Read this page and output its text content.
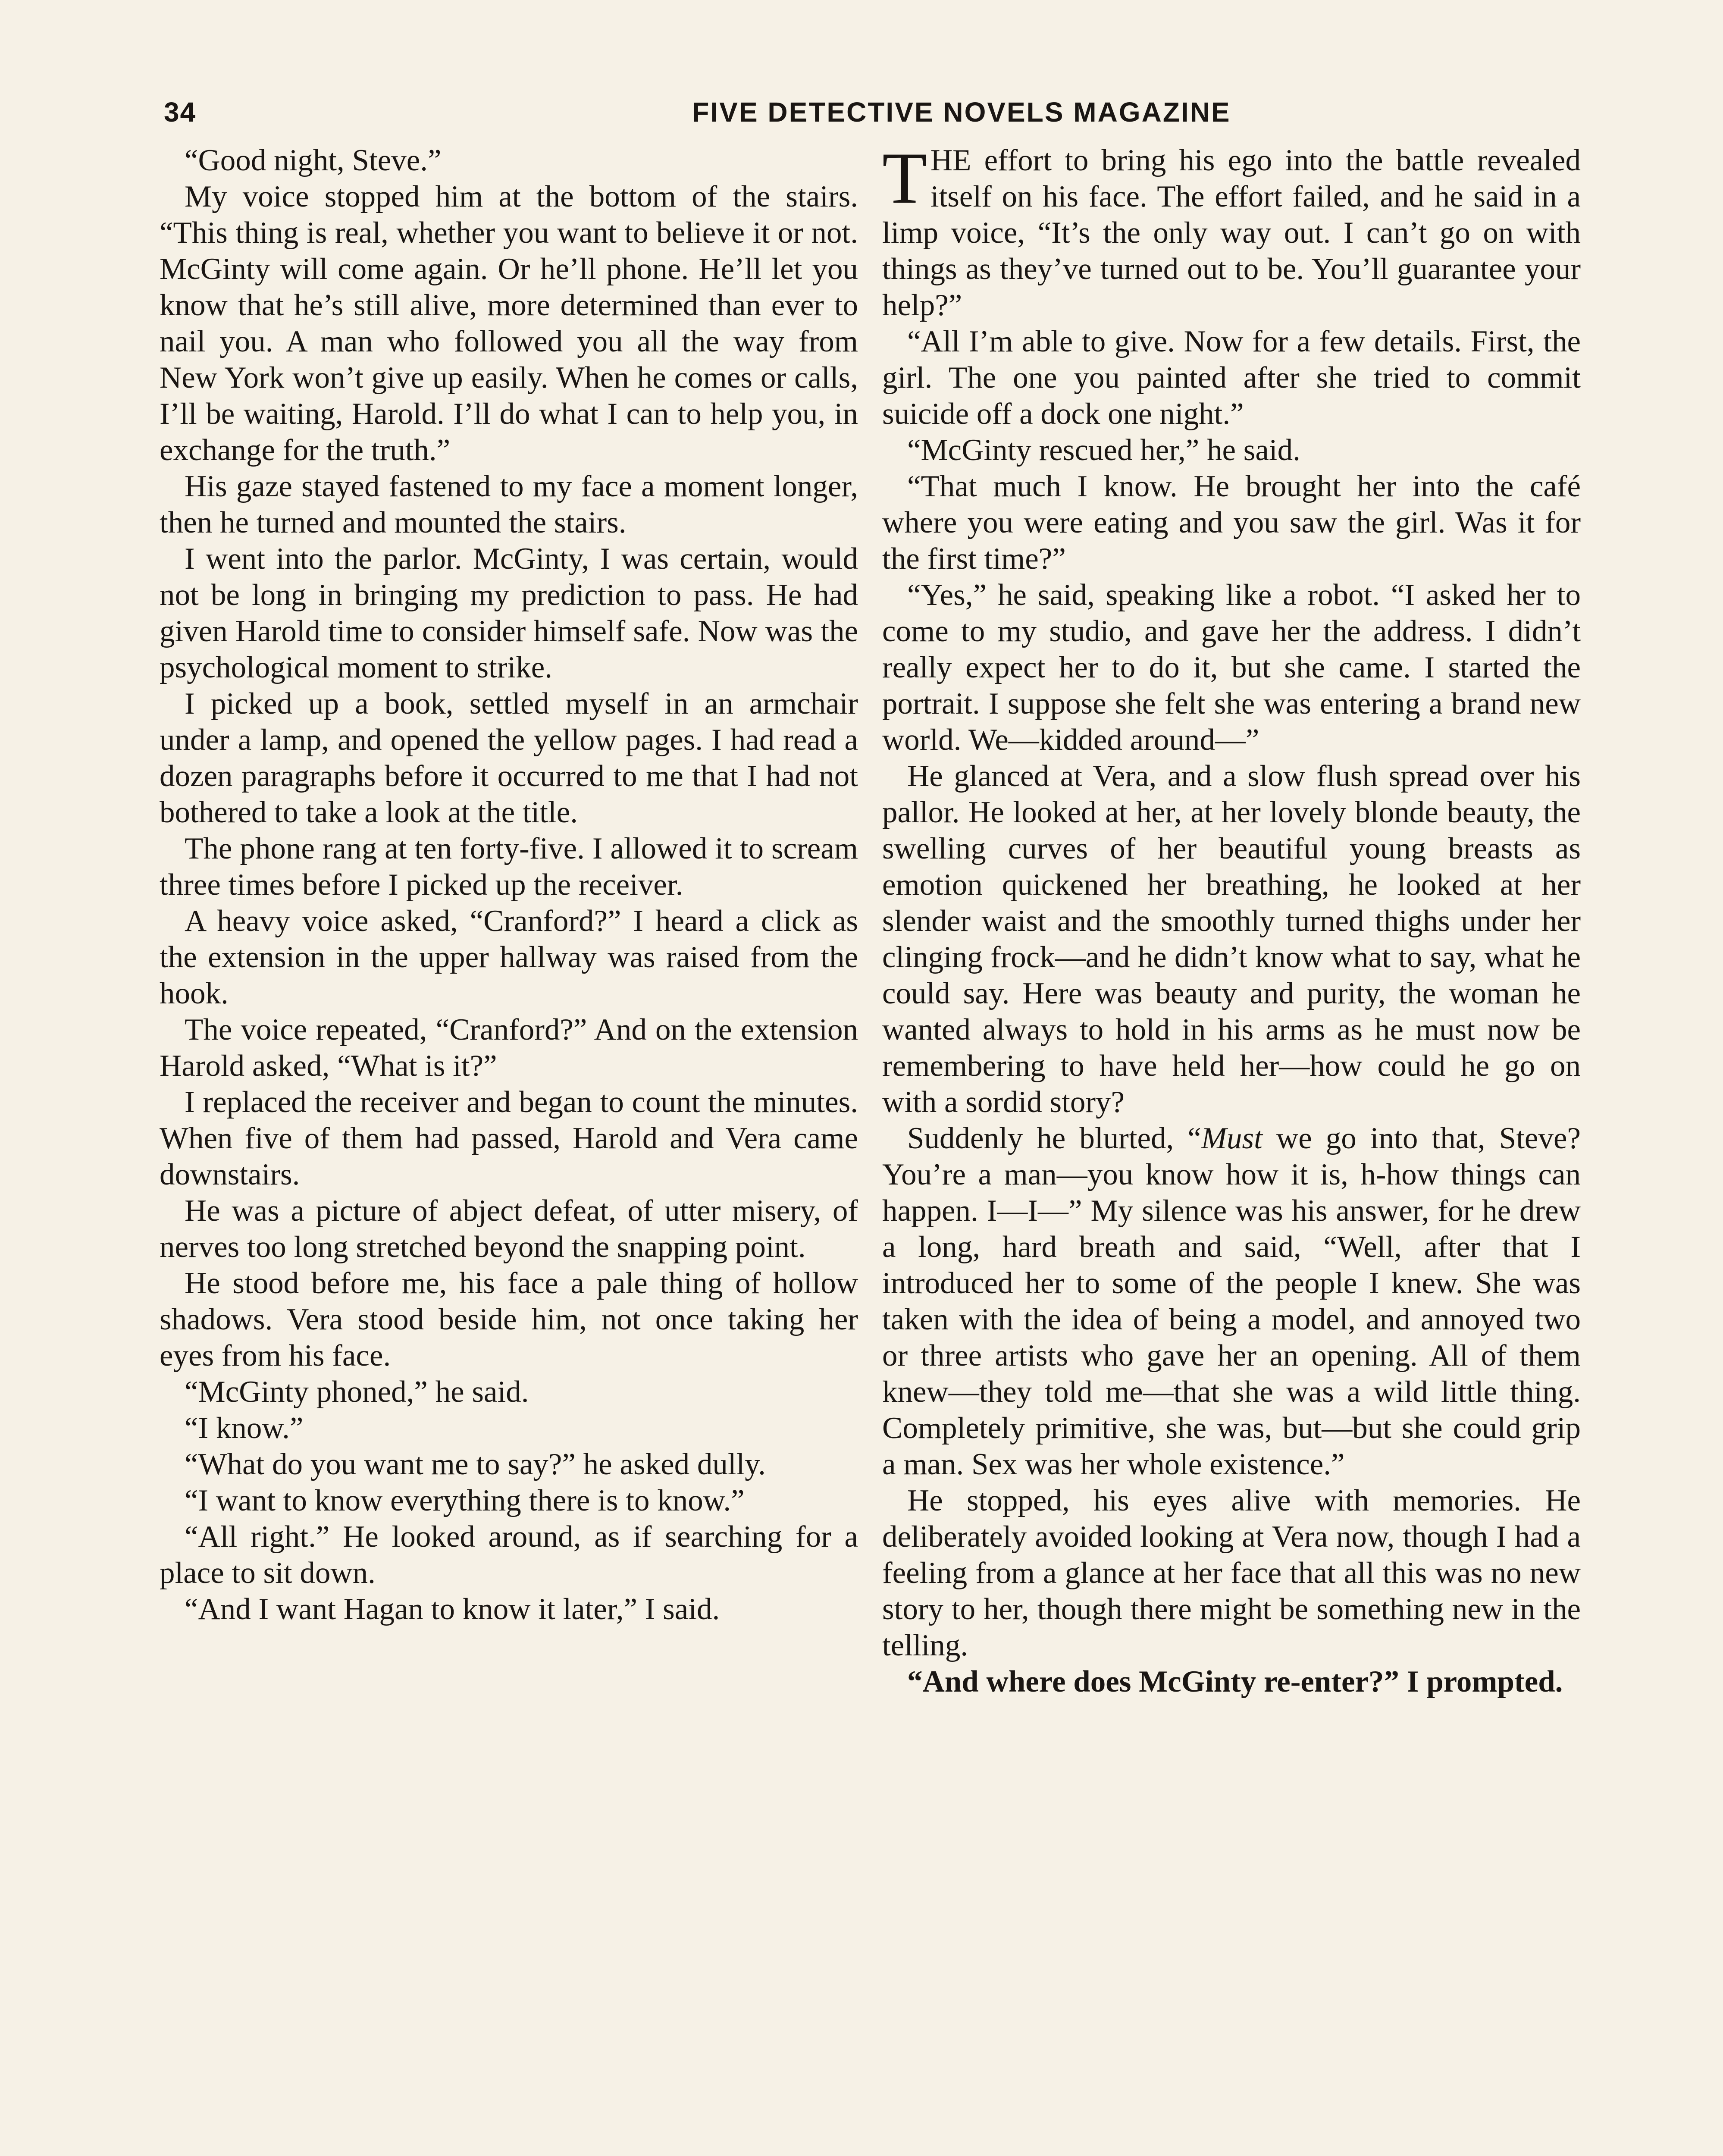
34	FIVE DETECTIVE NOVELS MAGAZINE

“Good night, Steve.”

My voice stopped him at the bottom of the stairs. “This thing is real, whether you want to believe it or not. McGinty will come again. Or he’ll phone. He’ll let you know that he’s still alive, more determined than ever to nail you. A man who followed you all the way from New York won’t give up easily. When he comes or calls, I’ll be waiting, Harold. I’ll do what I can to help you, in exchange for the truth.”

His gaze stayed fastened to my face a moment longer, then he turned and mounted the stairs.

I went into the parlor. McGinty, I was certain, would not be long in bringing my prediction to pass. He had given Harold time to consider himself safe. Now was the psychological moment to strike.

I picked up a book, settled myself in an armchair under a lamp, and opened the yellow pages. I had read a dozen paragraphs before it occurred to me that I had not bothered to take a look at the title.

The phone rang at ten forty-five. I allowed it to scream three times before I picked up the receiver.

A heavy voice asked, “Cranford?” I heard a click as the extension in the upper hallway was raised from the hook.

The voice repeated, “Cranford?” And on the extension Harold asked, “What is it?”

I replaced the receiver and began to count the minutes. When five of them had passed, Harold and Vera came downstairs.

He was a picture of abject defeat, of utter misery, of nerves too long stretched beyond the snapping point.

He stood before me, his face a pale thing of hollow shadows. Vera stood beside him, not once taking her eyes from his face.

“McGinty phoned,” he said.

“I know.”

“What do you want me to say?” he asked dully.

“I want to know everything there is to know.”

“All right.” He looked around, as if searching for a place to sit down.

“And I want Hagan to know it later,” I said.

THE effort to bring his ego into the battle revealed itself on his face. The effort failed, and he said in a limp voice, “It’s the only way out. I can’t go on with things as they’ve turned out to be. You’ll guarantee your help?”

“All I’m able to give. Now for a few details. First, the girl. The one you painted after she tried to commit suicide off a dock one night.”

“McGinty rescued her,” he said.

“That much I know. He brought her into the café where you were eating and you saw the girl. Was it for the first time?”

“Yes,” he said, speaking like a robot. “I asked her to come to my studio, and gave her the address. I didn’t really expect her to do it, but she came. I started the portrait. I suppose she felt she was entering a brand new world. We—kidded around—”

He glanced at Vera, and a slow flush spread over his pallor. He looked at her, at her lovely blonde beauty, the swelling curves of her beautiful young breasts as emotion quickened her breathing, he looked at her slender waist and the smoothly turned thighs under her clinging frock—and he didn’t know what to say, what he could say. Here was beauty and purity, the woman he wanted always to hold in his arms as he must now be remembering to have held her—how could he go on with a sordid story?

Suddenly he blurted, “Must we go into that, Steve? You’re a man—you know how it is, h-how things can happen. I—I—” My silence was his answer, for he drew a long, hard breath and said, “Well, after that I introduced her to some of the people I knew. She was taken with the idea of being a model, and annoyed two or three artists who gave her an opening. All of them knew—they told me—that she was a wild little thing. Completely primitive, she was, but—but she could grip a man. Sex was her whole existence.”

He stopped, his eyes alive with memories. He deliberately avoided looking at Vera now, though I had a feeling from a glance at her face that all this was no new story to her, though there might be something new in the telling.

“And where does McGinty re-enter?” I prompted.
